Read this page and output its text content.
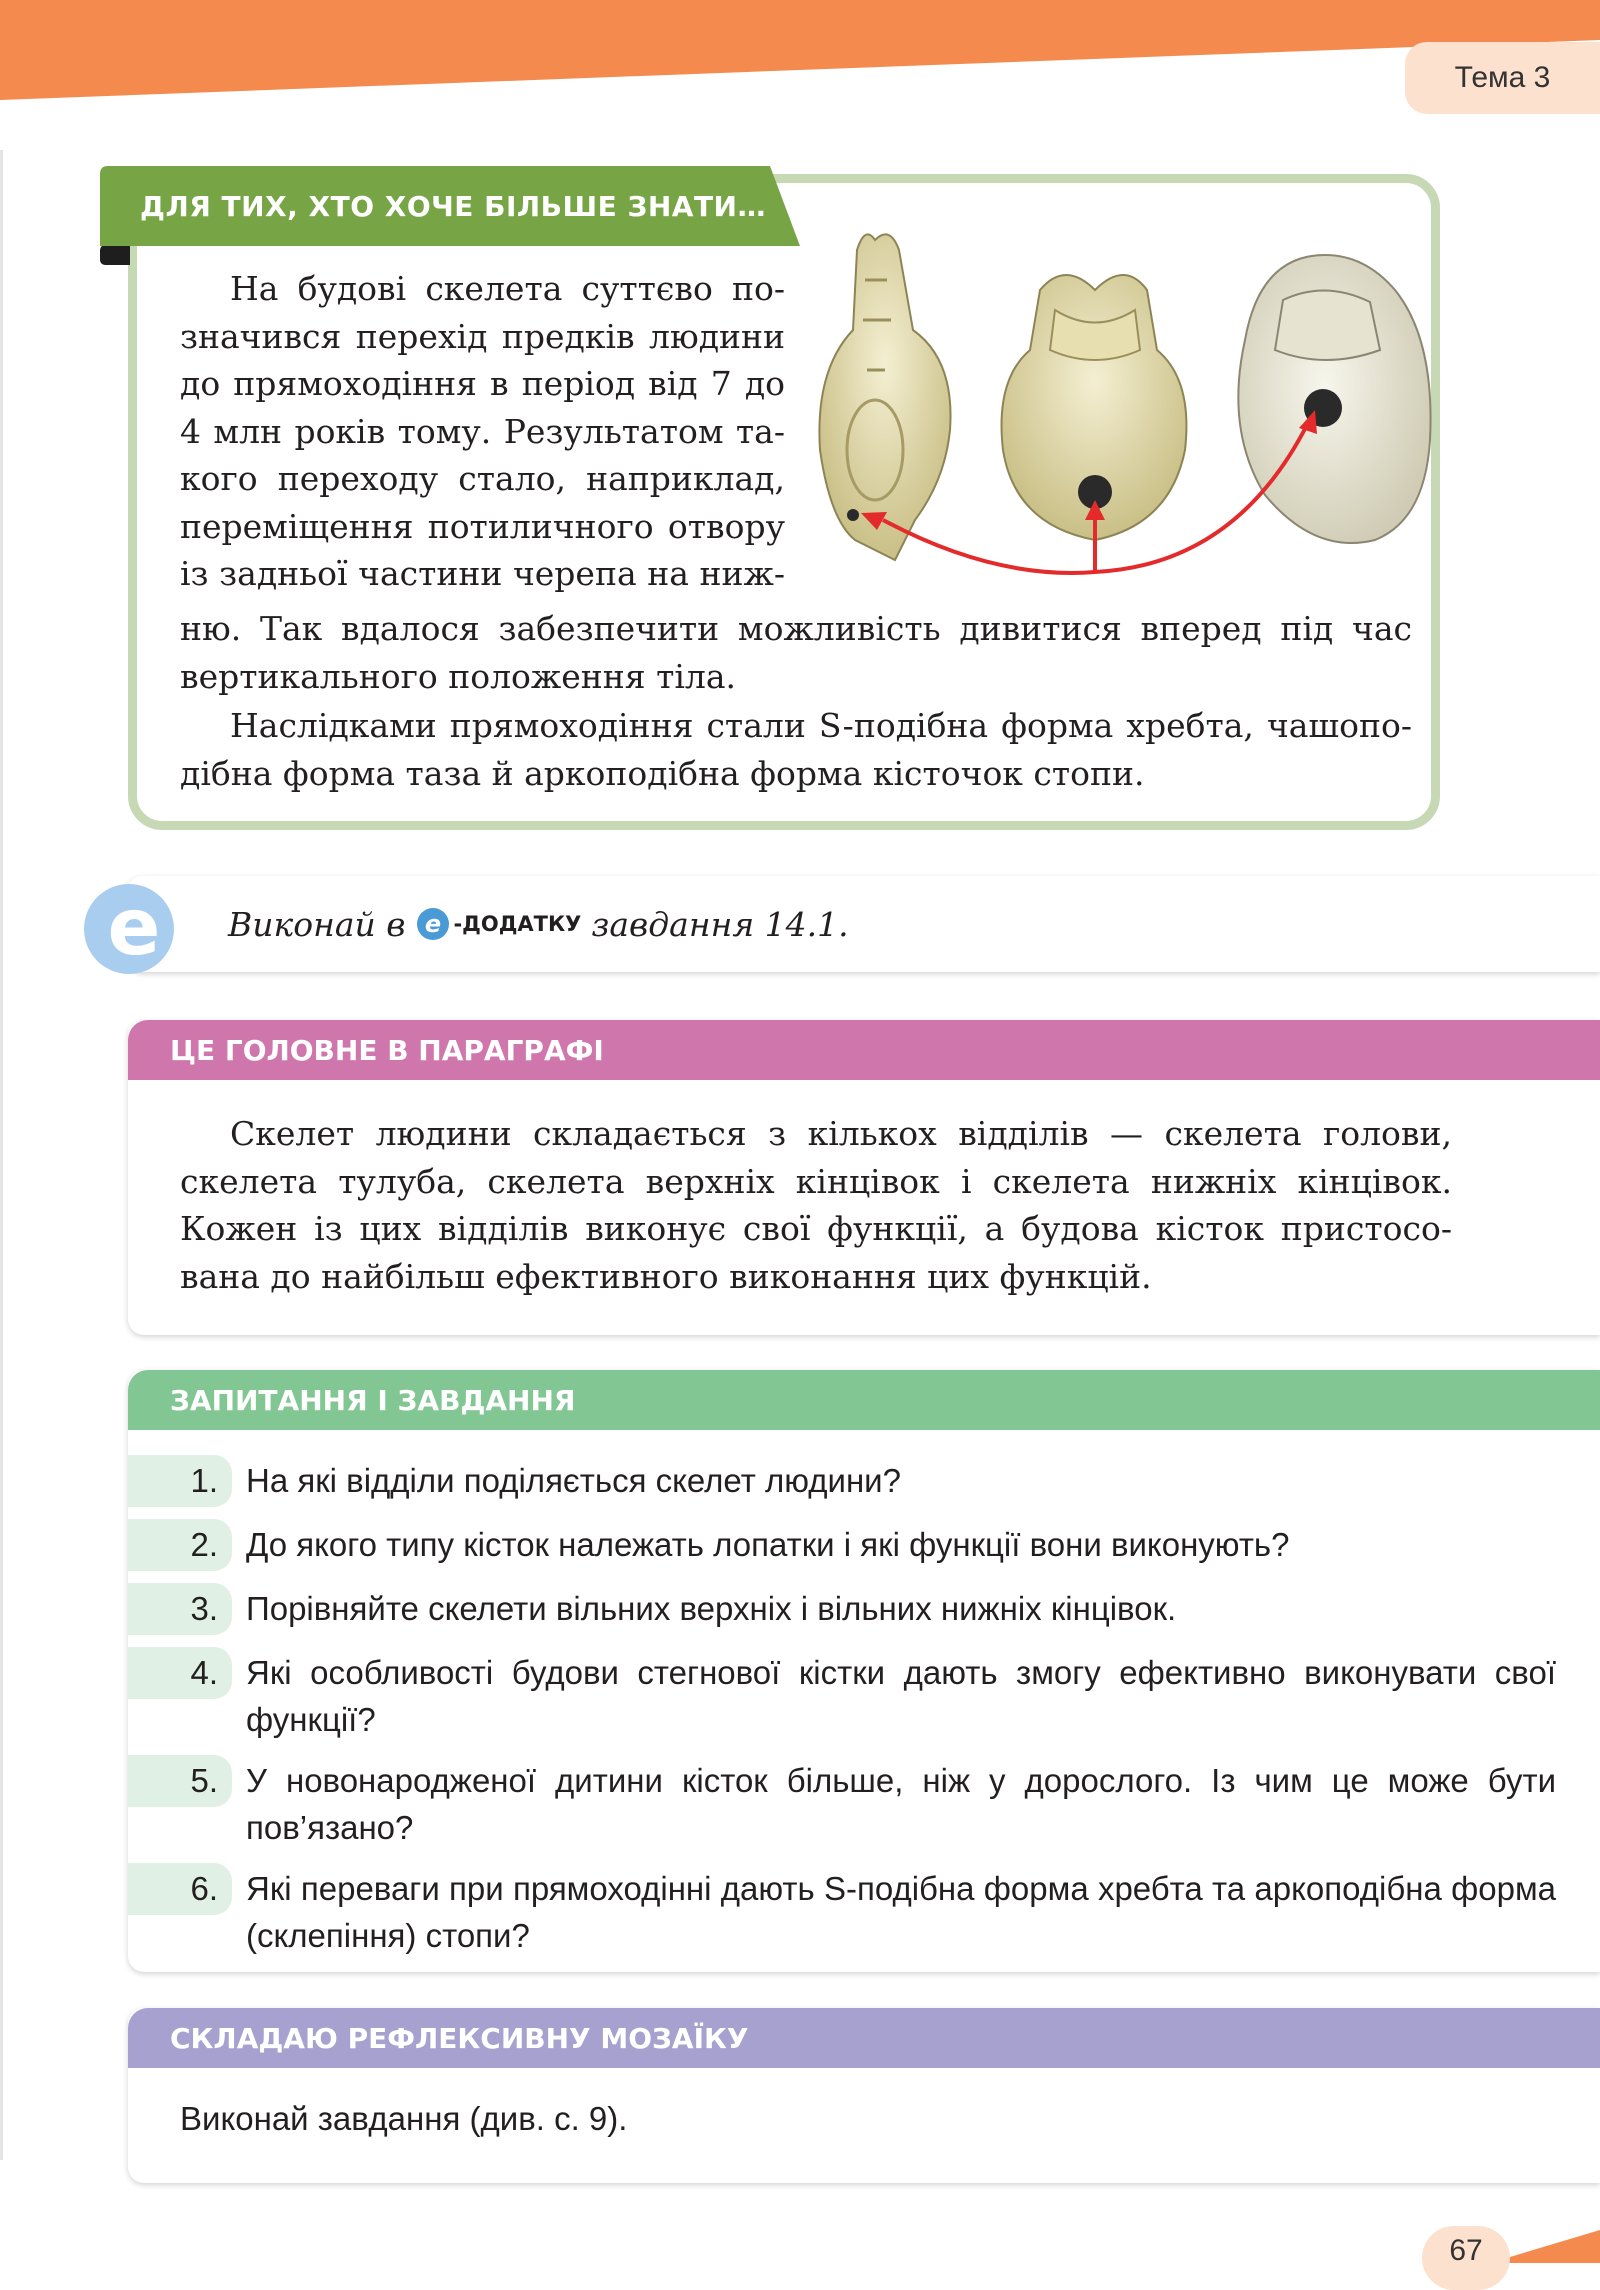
Тема 3
ДЛЯ ТИХ, ХТО ХОЧЕ БІЛЬШЕ ЗНАТИ…
На будові скелета суттєво по-
значився перехід предків людини
до прямоходіння в період від 7 до
4 млн років тому. Результатом та-
кого переходу стало, наприклад,
переміщення потиличного отвору
із задньої частини черепа на ниж-
ню. Так вдалося забезпечити можливість дивитися вперед під час
вертикального положення тіла.
Наслідками прямоходіння стали S-подібна форма хребта, чашопо-
дібна форма таза й аркоподібна форма кісточок стопи.
e Виконай в e -ДОДАТКУ завдання 14.1.
ЦЕ ГОЛОВНЕ В ПАРАГРАФІ
Скелет людини складається з кількох відділів — скелета голови,
скелета тулуба, скелета верхніх кінцівок і скелета нижніх кінцівок.
Кожен із цих відділів виконує свої функції, а будова кісток пристосо-
вана до найбільш ефективного виконання цих функцій.
ЗАПИТАННЯ І ЗАВДАННЯ
1. На які відділи поділяється скелет людини?
2. До якого типу кісток належать лопатки і які функції вони виконують?
3. Порівняйте скелети вільних верхніх і вільних нижніх кінцівок.
4. Які особливості будови стегнової кістки дають змогу ефективно виконувати свої функції?
5. У новонародженої дитини кісток більше, ніж у дорослого. Із чим це може бути пов’язано?
6. Які переваги при прямоходінні дають S-подібна форма хребта та аркоподібна форма (склепіння) стопи?
СКЛАДАЮ РЕФЛЕКСИВНУ МОЗАЇКУ
Виконай завдання (див. с. 9).
67
